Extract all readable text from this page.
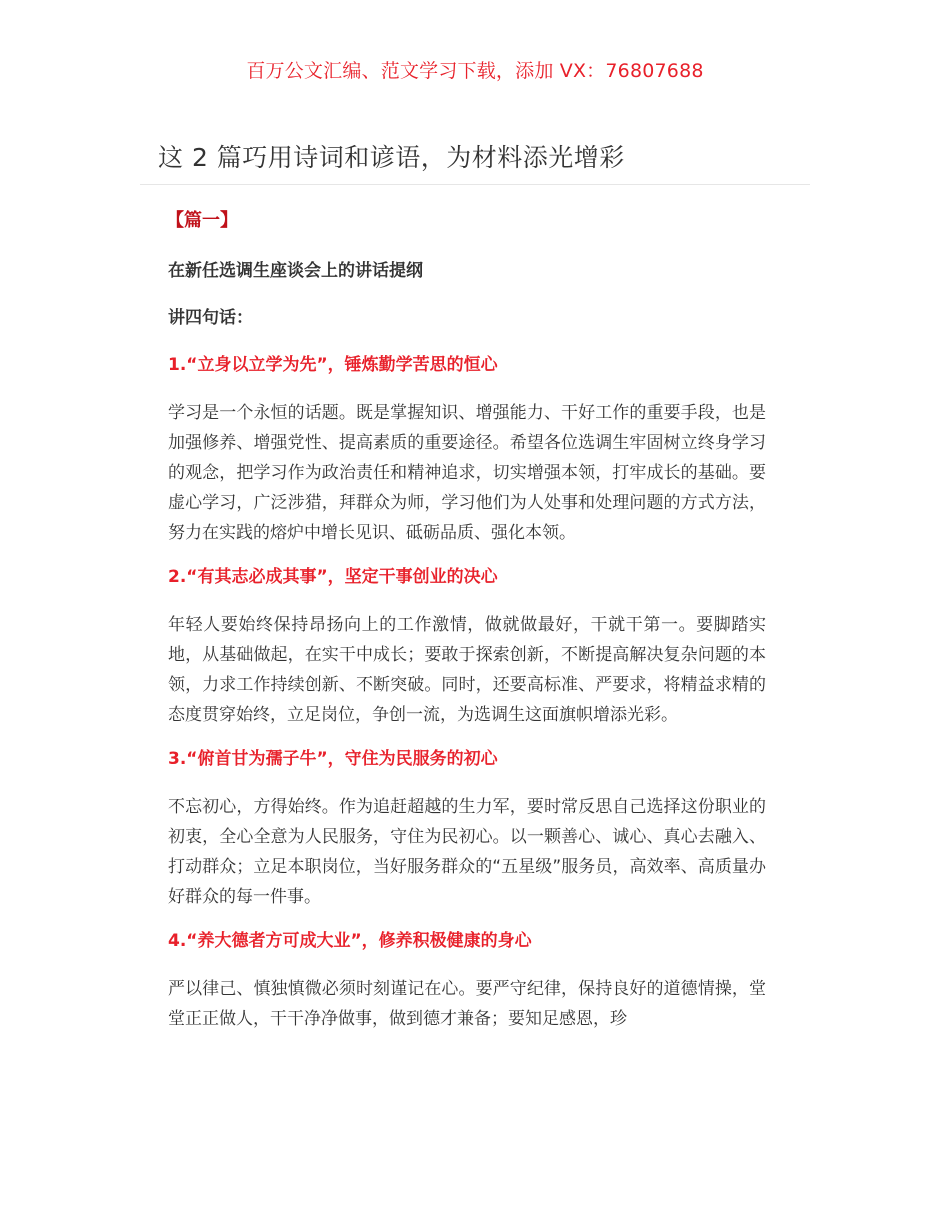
百万公文汇编、范文学习下载，添加 VX：76807688
这 2 篇巧用诗词和谚语，为材料添光增彩
【篇一】
在新任选调生座谈会上的讲话提纲
讲四句话：
1.“立身以立学为先”，锤炼勤学苦思的恒心
学习是一个永恒的话题。既是掌握知识、增强能力、干好工作的重要手段，也是加强修养、增强党性、提高素质的重要途径。希望各位选调生牢固树立终身学习的观念，把学习作为政治责任和精神追求，切实增强本领，打牢成长的基础。要虚心学习，广泛涉猎，拜群众为师，学习他们为人处事和处理问题的方式方法，努力在实践的熔炉中增长见识、砥砺品质、强化本领。
2.“有其志必成其事”，坚定干事创业的决心
年轻人要始终保持昂扬向上的工作激情，做就做最好，干就干第一。要脚踏实地，从基础做起，在实干中成长；要敢于探索创新，不断提高解决复杂问题的本领，力求工作持续创新、不断突破。同时，还要高标准、严要求，将精益求精的态度贯穿始终，立足岗位，争创一流，为选调生这面旗帜增添光彩。
3.“俯首甘为孺子牛”，守住为民服务的初心
不忘初心，方得始终。作为追赶超越的生力军，要时常反思自己选择这份职业的初衷，全心全意为人民服务，守住为民初心。以一颗善心、诚心、真心去融入、打动群众；立足本职岗位，当好服务群众的“五星级”服务员，高效率、高质量办好群众的每一件事。
4.“养大德者方可成大业”，修养积极健康的身心
严以律己、慎独慎微必须时刻谨记在心。要严守纪律，保持良好的道德情操，堂堂正正做人，干干净净做事，做到德才兼备；要知足感恩，珍
